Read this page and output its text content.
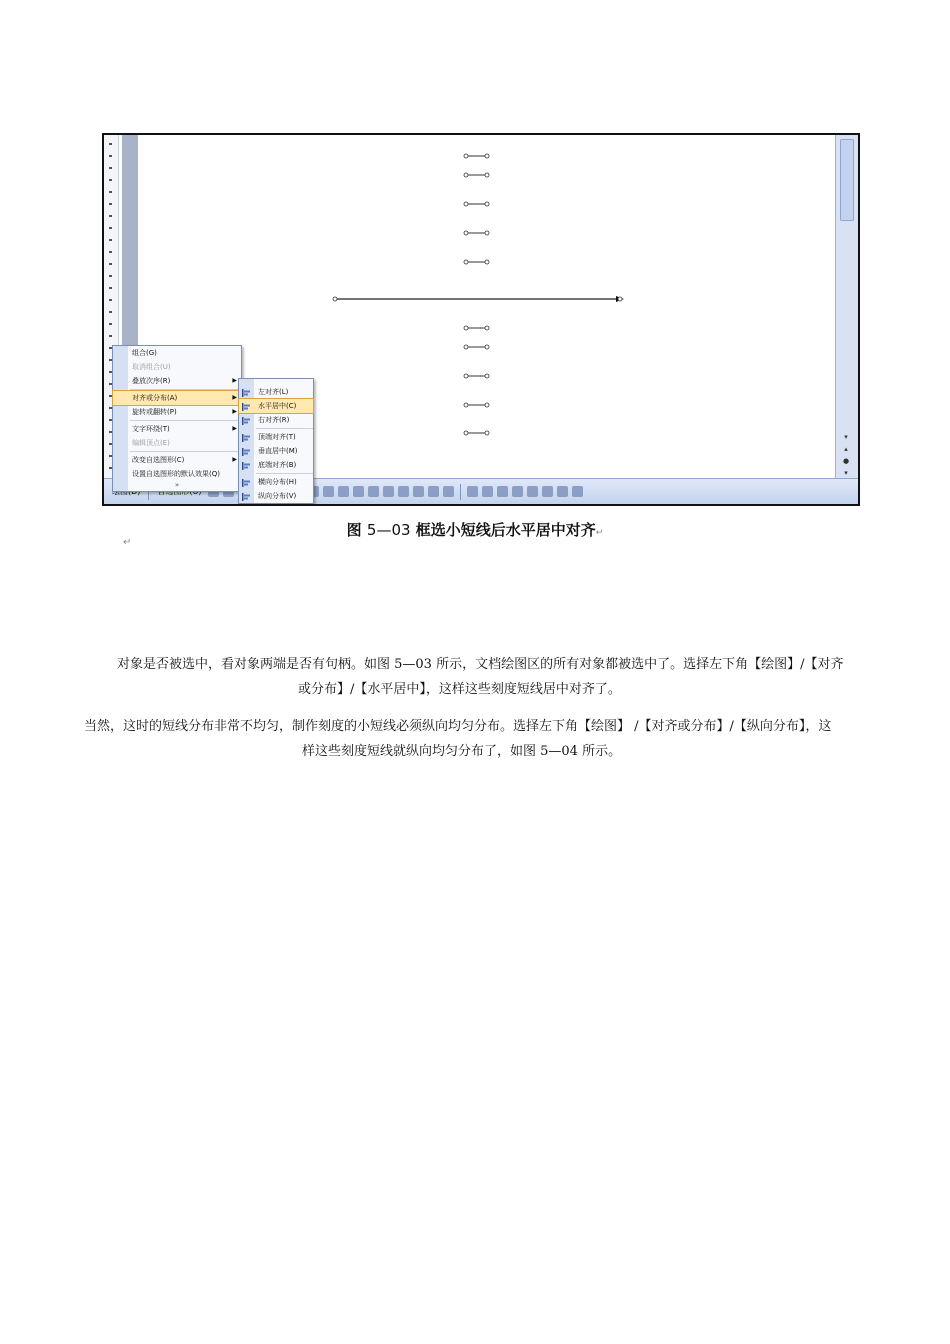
▾
▴
●
▾
组合(G)
取消组合(U)
叠放次序(R)	▶
对齐或分布(A)	▶
旋转或翻转(P)	▶
文字环绕(T)	▶
编辑顶点(E)
改变自选图形(C)	▶
设置自选图形的默认效果(Q)
»
左对齐(L)
水平居中(C)
右对齐(R)
顶端对齐(T)
垂直居中(M)
底端对齐(B)
横向分布(H)
纵向分布(V)
图 5—03 框选小短线后水平居中对齐↵
↵
对象是否被选中，看对象两端是否有句柄。如图 5—03 所示，文档绘图区的所有对象都被选中了。选择左下角【绘图】/【对齐
或分布】/【水平居中】，这样这些刻度短线居中对齐了。
当然，这时的短线分布非常不均匀，制作刻度的小短线必须纵向均匀分布。选择左下角【绘图】 /【对齐或分布】/【纵向分布】，这
样这些刻度短线就纵向均匀分布了，如图 5—04 所示。
